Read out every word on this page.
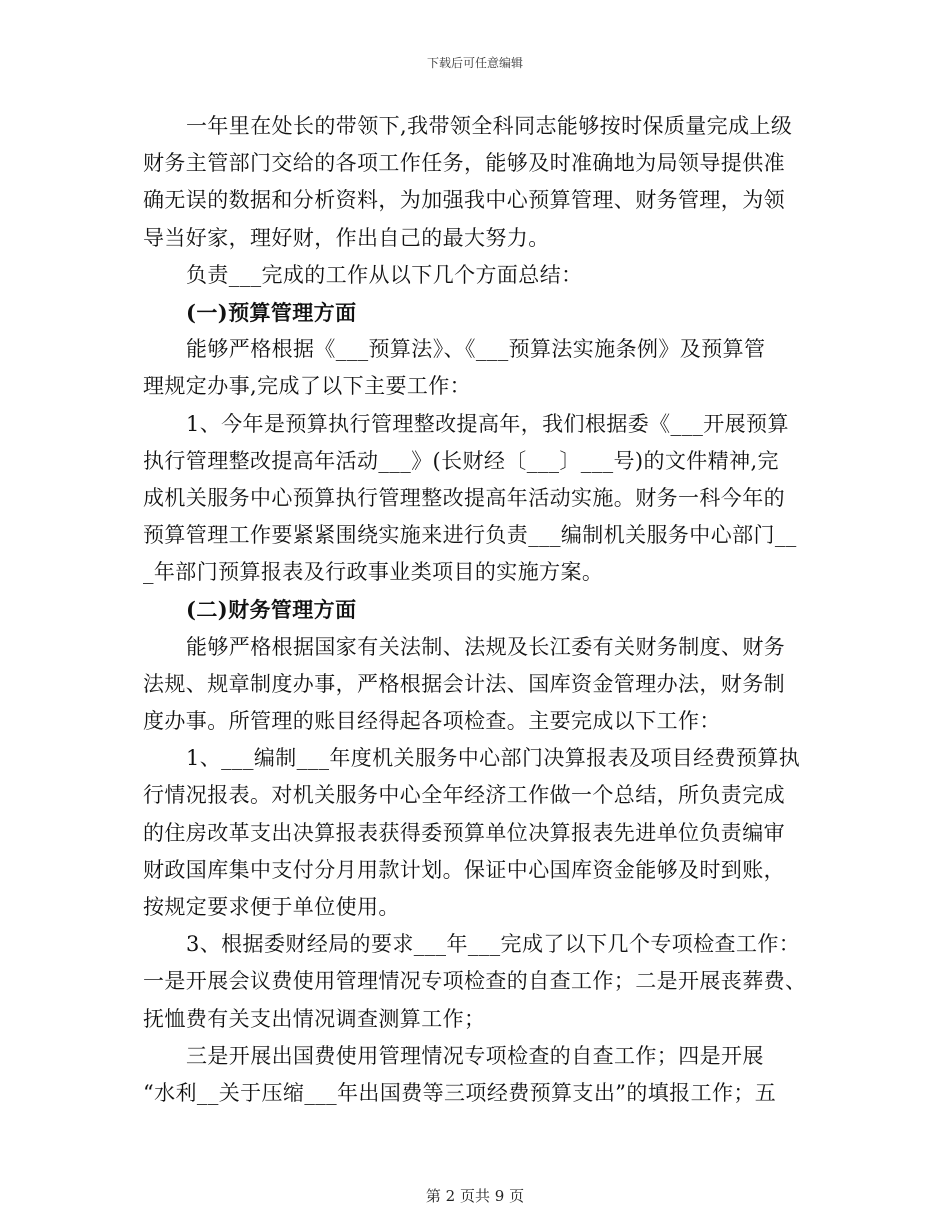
下载后可任意编辑
一年里在处长的带领下,我带领全科同志能够按时保质量完成上级
财务主管部门交给的各项工作任务，能够及时准确地为局领导提供准
确无误的数据和分析资料，为加强我中心预算管理、财务管理，为领
导当好家，理好财，作出自己的最大努力。
负责___完成的工作从以下几个方面总结：
(一)预算管理方面
能够严格根据《___预算法》、《___预算法实施条例》及预算管
理规定办事,完成了以下主要工作：
1、今年是预算执行管理整改提高年，我们根据委《___开展预算
执行管理整改提高年活动___》(长财经〔___〕___号)的文件精神,完
成机关服务中心预算执行管理整改提高年活动实施。财务一科今年的
预算管理工作要紧紧围绕实施来进行负责___编制机关服务中心部门__
_年部门预算报表及行政事业类项目的实施方案。
(二)财务管理方面
能够严格根据国家有关法制、法规及长江委有关财务制度、财务
法规、规章制度办事，严格根据会计法、国库资金管理办法，财务制
度办事。所管理的账目经得起各项检查。主要完成以下工作：
1、___编制___年度机关服务中心部门决算报表及项目经费预算执
行情况报表。对机关服务中心全年经济工作做一个总结，所负责完成
的住房改革支出决算报表获得委预算单位决算报表先进单位负责编审
财政国库集中支付分月用款计划。保证中心国库资金能够及时到账，
按规定要求便于单位使用。
3、根据委财经局的要求___年___完成了以下几个专项检查工作：
一是开展会议费使用管理情况专项检查的自查工作；二是开展丧葬费、
抚恤费有关支出情况调查测算工作；
三是开展出国费使用管理情况专项检查的自查工作；四是开展
“水利__关于压缩___年出国费等三项经费预算支出”的填报工作；五
第 2 页共 9 页
